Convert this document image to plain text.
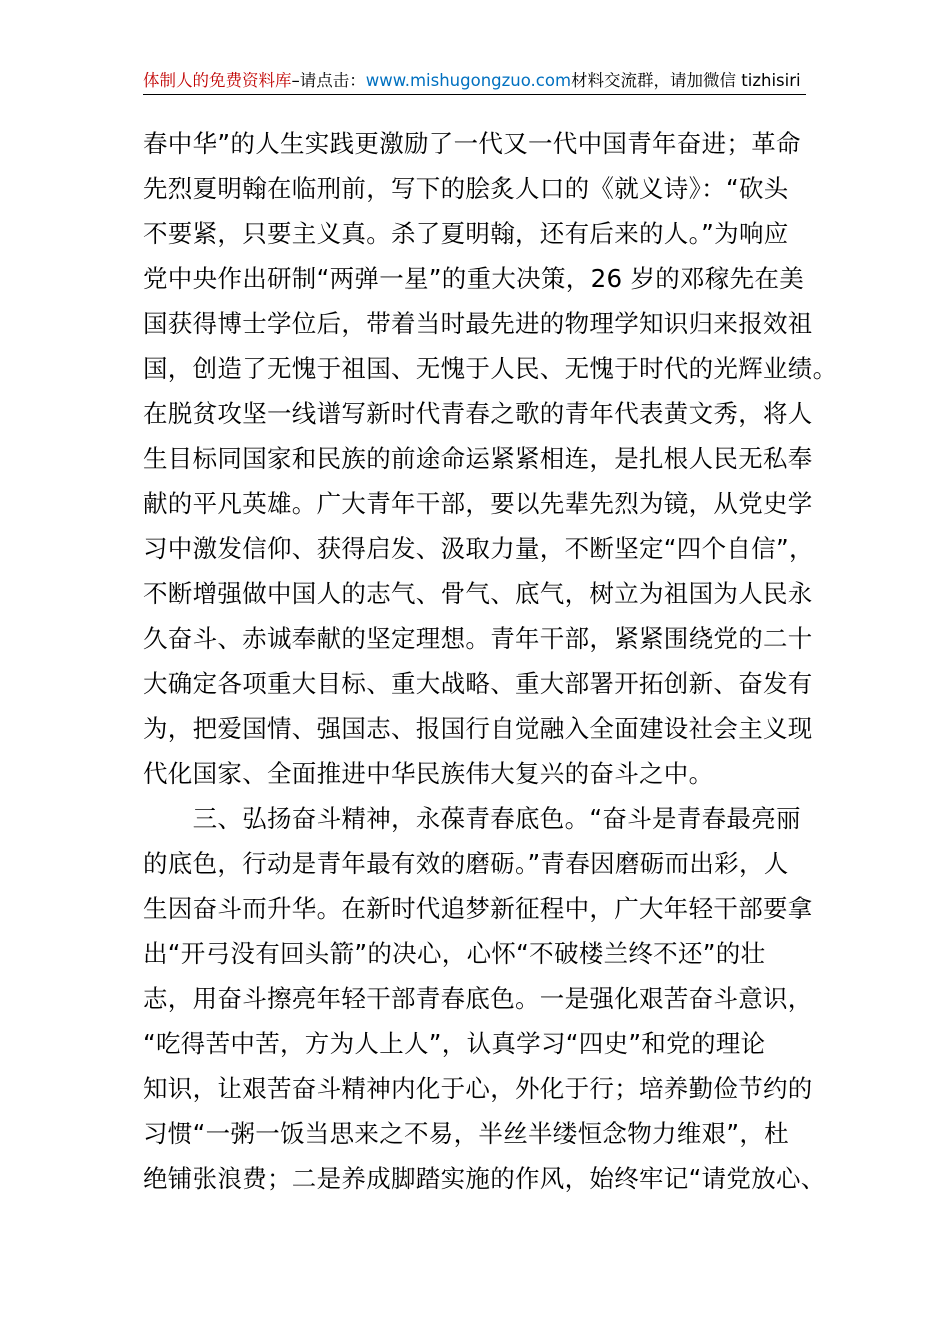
体制人的免费资料库–请点击：www.mishugongzuo.com材料交流群，请加微信 tizhisiri
春中华”的人生实践更激励了一代又一代中国青年奋进；革命
先烈夏明翰在临刑前，写下的脍炙人口的《就义诗》：“砍头
不要紧，只要主义真。杀了夏明翰，还有后来的人。”为响应
党中央作出研制“两弹一星”的重大决策，26 岁的邓稼先在美
国获得博士学位后，带着当时最先进的物理学知识归来报效祖
国，创造了无愧于祖国、无愧于人民、无愧于时代的光辉业绩。
在脱贫攻坚一线谱写新时代青春之歌的青年代表黄文秀，将人
生目标同国家和民族的前途命运紧紧相连，是扎根人民无私奉
献的平凡英雄。广大青年干部，要以先辈先烈为镜，从党史学
习中激发信仰、获得启发、汲取力量，不断坚定“四个自信”，
不断增强做中国人的志气、骨气、底气，树立为祖国为人民永
久奋斗、赤诚奉献的坚定理想。青年干部，紧紧围绕党的二十
大确定各项重大目标、重大战略、重大部署开拓创新、奋发有
为，把爱国情、强国志、报国行自觉融入全面建设社会主义现
代化国家、全面推进中华民族伟大复兴的奋斗之中。
　　三、弘扬奋斗精神，永葆青春底色。“奋斗是青春最亮丽
的底色，行动是青年最有效的磨砺。”青春因磨砺而出彩，人
生因奋斗而升华。在新时代追梦新征程中，广大年轻干部要拿
出“开弓没有回头箭”的决心，心怀“不破楼兰终不还”的壮
志，用奋斗擦亮年轻干部青春底色。一是强化艰苦奋斗意识，
“吃得苦中苦，方为人上人”，认真学习“四史”和党的理论
知识，让艰苦奋斗精神内化于心，外化于行；培养勤俭节约的
习惯“一粥一饭当思来之不易，半丝半缕恒念物力维艰”，杜
绝铺张浪费；二是养成脚踏实施的作风，始终牢记“请党放心、
